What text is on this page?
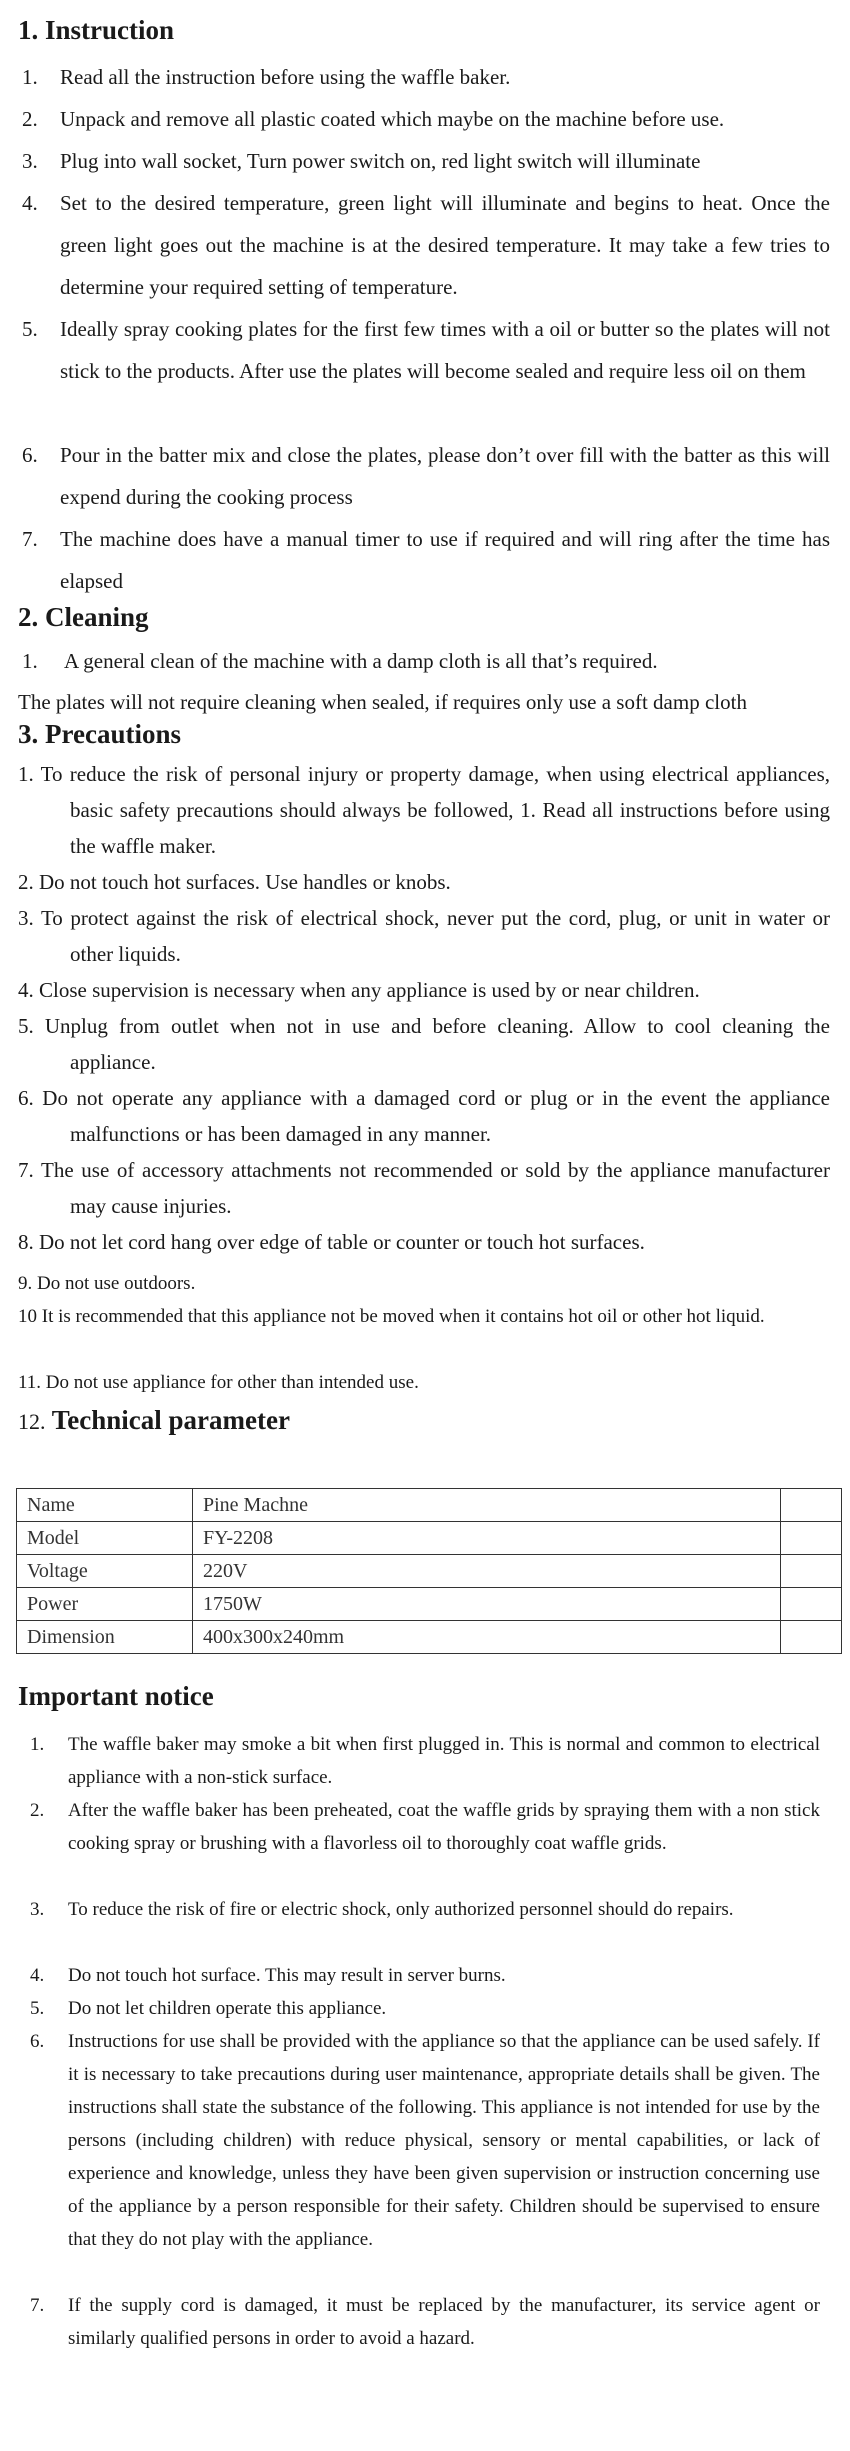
1. Instruction
1.	Read all the instruction before using the waffle baker.
2.	Unpack and remove all plastic coated which maybe on the machine before use.
3.	Plug into wall socket, Turn power switch on, red light switch will illuminate
4.	Set to the desired temperature, green light will illuminate and begins to heat. Once the green light goes out the machine is at the desired temperature. It may take a few tries to determine your required setting of temperature.
5.	Ideally spray cooking plates for the first few times with a oil or butter so the plates will not stick to the products. After use the plates will become sealed and require less oil on them
6.	Pour in the batter mix and close the plates, please don’t over fill with the batter as this will expend during the cooking process
7.	The machine does have a manual timer to use if required and will ring after the time has elapsed
2. Cleaning
1.	A general clean of the machine with a damp cloth is all that’s required.
The plates will not require cleaning when sealed, if requires only use a soft damp cloth
3. Precautions
1. To reduce the risk of personal injury or property damage, when using electrical appliances, basic safety precautions should always be followed, 1. Read all instructions before using the waffle maker.
2. Do not touch hot surfaces. Use handles or knobs.
3. To protect against the risk of electrical shock, never put the cord, plug, or unit in water or other liquids.
4. Close supervision is necessary when any appliance is used by or near children.
5. Unplug from outlet when not in use and before cleaning. Allow to cool cleaning the appliance.
6. Do not operate any appliance with a damaged cord or plug or in the event the appliance malfunctions or has been damaged in any manner.
7. The use of accessory attachments not recommended or sold by the appliance manufacturer may cause injuries.
8. Do not let cord hang over edge of table or counter or touch hot surfaces.
9. Do not use outdoors.
10 It is recommended that this appliance not be moved when it contains hot oil or other hot liquid.
11. Do not use appliance for other than intended use.
12. Technical parameter
Name	Pine Machne	
Model	FY-2208	
Voltage	220V	
Power	1750W	
Dimension	400x300x240mm	
Important notice
1.	The waffle baker may smoke a bit when first plugged in. This is normal and common to electrical appliance with a non-stick surface.
2.	After the waffle baker has been preheated, coat the waffle grids by spraying them with a non stick cooking spray or brushing with a flavorless oil to thoroughly coat waffle grids.
3.	To reduce the risk of fire or electric shock, only authorized personnel should do repairs.
4.	Do not touch hot surface. This may result in server burns.
5.	Do not let children operate this appliance.
6.	Instructions for use shall be provided with the appliance so that the appliance can be used safely. If it is necessary to take precautions during user maintenance, appropriate details shall be given. The instructions shall state the substance of the following. This appliance is not intended for use by the persons (including children) with reduce physical, sensory or mental capabilities, or lack of experience and knowledge, unless they have been given supervision or instruction concerning use of the appliance by a person responsible for their safety. Children should be supervised to ensure that they do not play with the appliance.
7.	If the supply cord is damaged, it must be replaced by the manufacturer, its service agent or similarly qualified persons in order to avoid a hazard.
